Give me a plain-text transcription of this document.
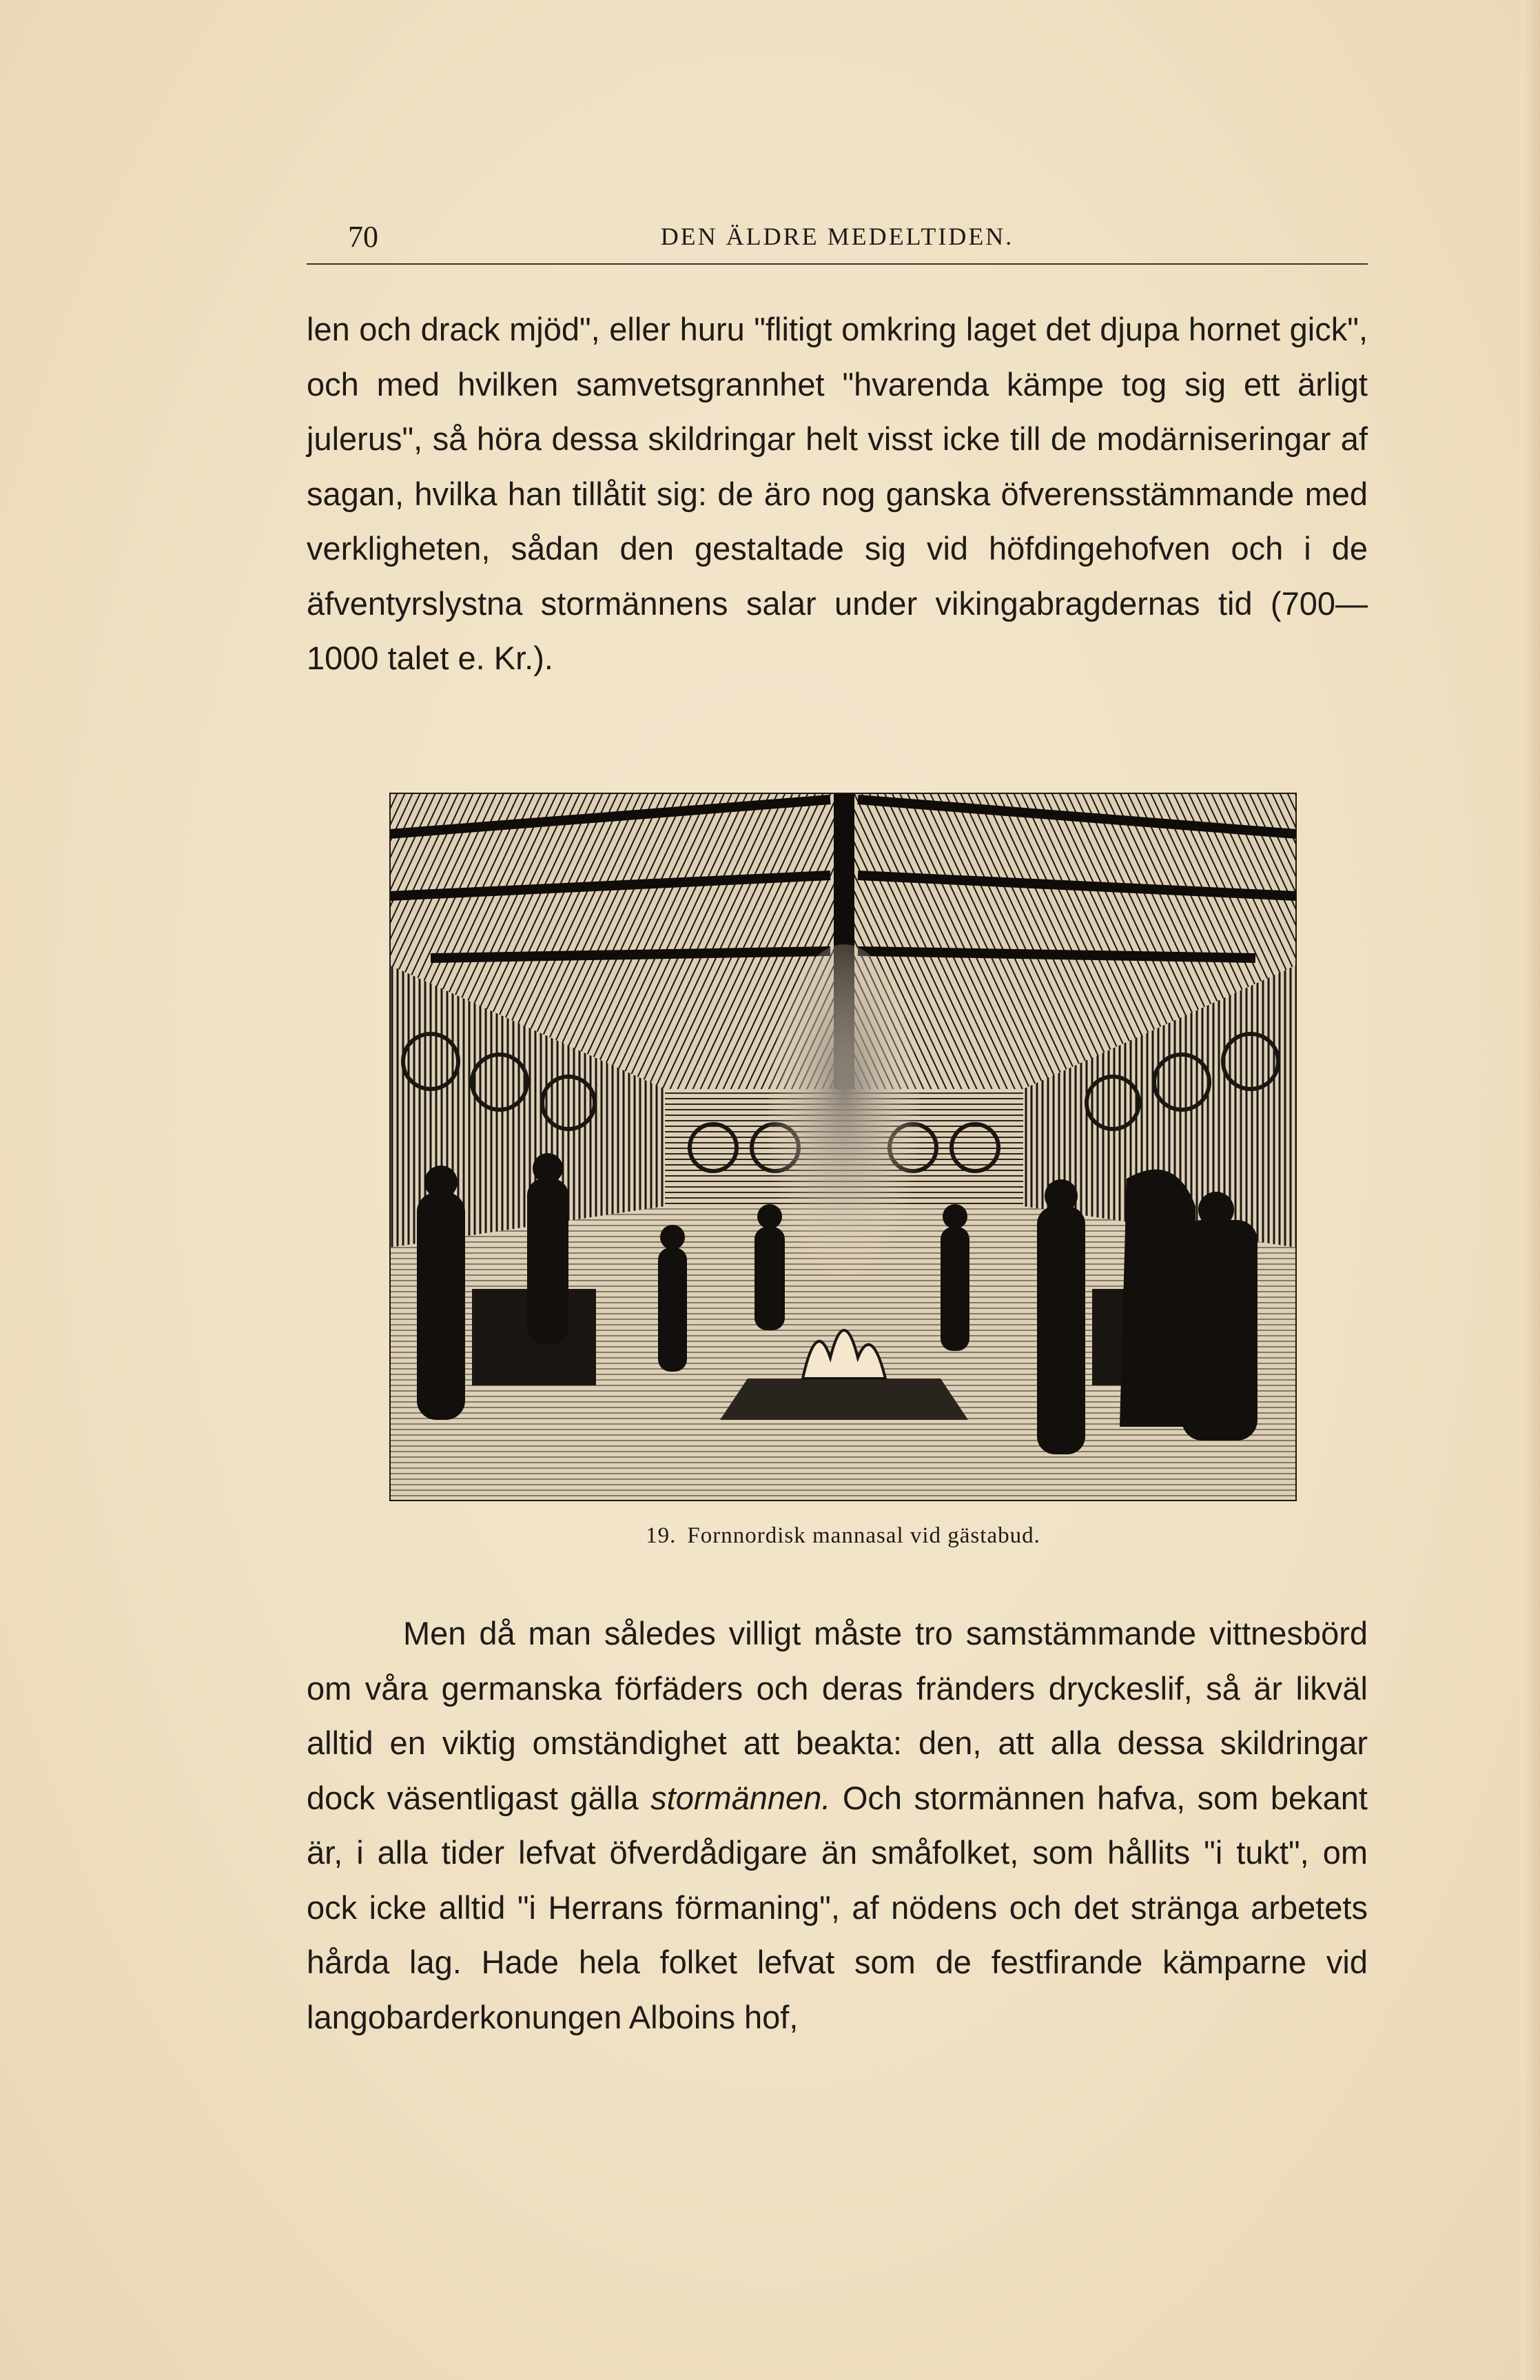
70	DEN ÄLDRE MEDELTIDEN.

len och drack mjöd", eller huru "flitigt omkring laget det djupa hornet gick", och med hvilken samvetsgrannhet "hvarenda kämpe tog sig ett ärligt julerus", så höra dessa skildringar helt visst icke till de modärniseringar af sagan, hvilka han tillåtit sig: de äro nog ganska öfverensstämmande med verkligheten, sådan den gestaltade sig vid höfdingehofven och i de äfventyrslystna stormännens salar under vikingabragdernas tid (700—1000 talet e. Kr.).

19. Fornnordisk mannasal vid gästabud.

Men då man således villigt måste tro samstämmande vittnesbörd om våra germanska förfäders och deras fränders dryckeslif, så är likväl alltid en viktig omständighet att beakta: den, att alla dessa skildringar dock väsentligast gälla stormännen. Och stormännen hafva, som bekant är, i alla tider lefvat öfverdådigare än småfolket, som hållits "i tukt", om ock icke alltid "i Herrans förmaning", af nödens och det stränga arbetets hårda lag. Hade hela folket lefvat som de festfirande kämparne vid langobarderkonungen Alboins hof,
